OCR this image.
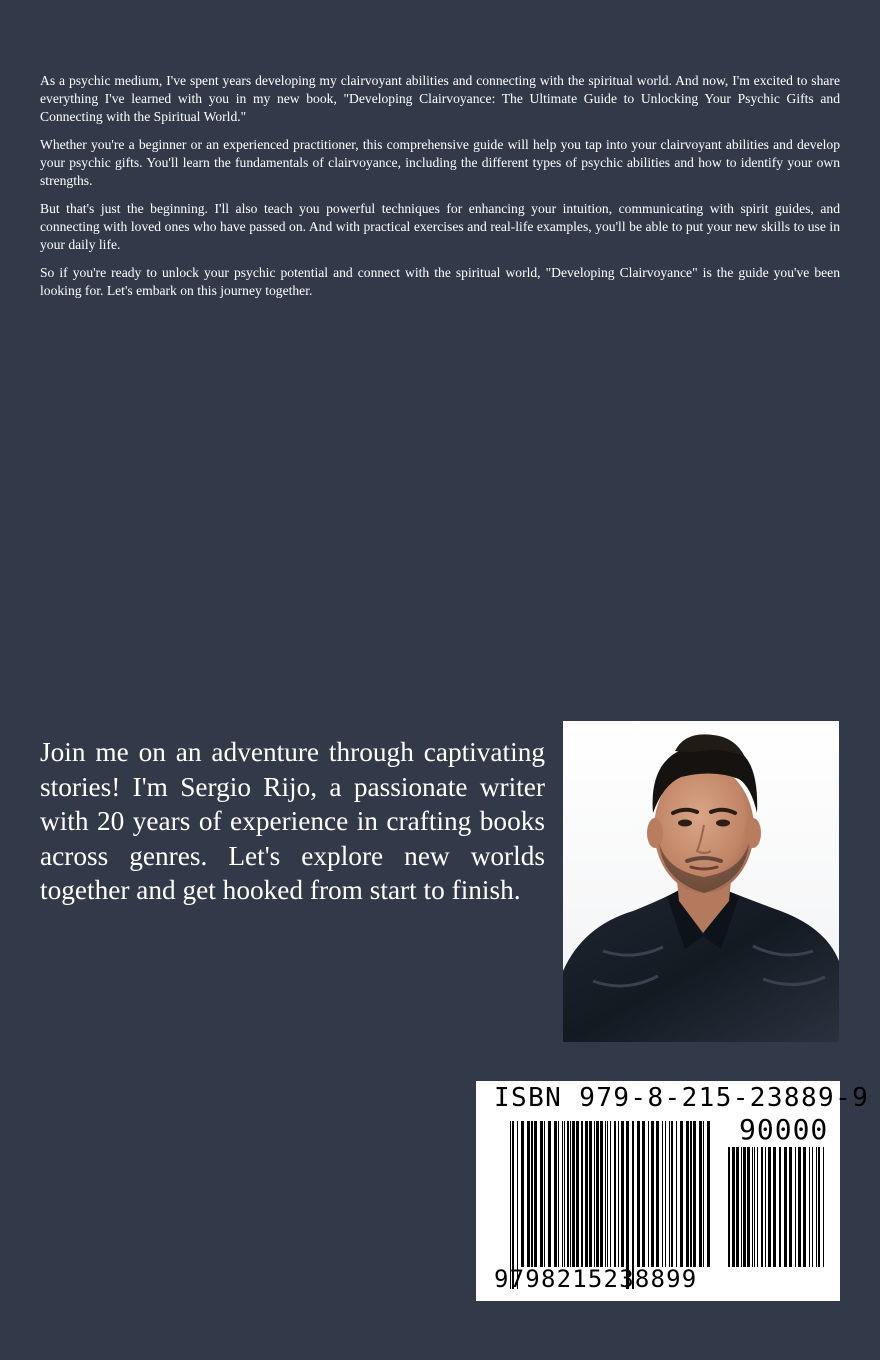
As a psychic medium, I've spent years developing my clairvoyant abilities and connecting with the spiritual world. And now, I'm excited to share everything I've learned with you in my new book, "Developing Clairvoyance: The Ultimate Guide to Unlocking Your Psychic Gifts and Connecting with the Spiritual World."

Whether you're a beginner or an experienced practitioner, this comprehensive guide will help you tap into your clairvoyant abilities and develop your psychic gifts. You'll learn the fundamentals of clairvoyance, including the different types of psychic abilities and how to identify your own strengths.

But that's just the beginning. I'll also teach you powerful techniques for enhancing your intuition, communicating with spirit guides, and connecting with loved ones who have passed on. And with practical exercises and real-life examples, you'll be able to put your new skills to use in your daily life.

So if you're ready to unlock your psychic potential and connect with the spiritual world, "Developing Clairvoyance" is the guide you've been looking for. Let's embark on this journey together.

Join me on an adventure through captivating stories! I'm Sergio Rijo, a passionate writer with 20 years of experience in crafting books across genres. Let's explore new worlds together and get hooked from start to finish.
ISBN 979-8-215-23889-9
90000
9798215238899
